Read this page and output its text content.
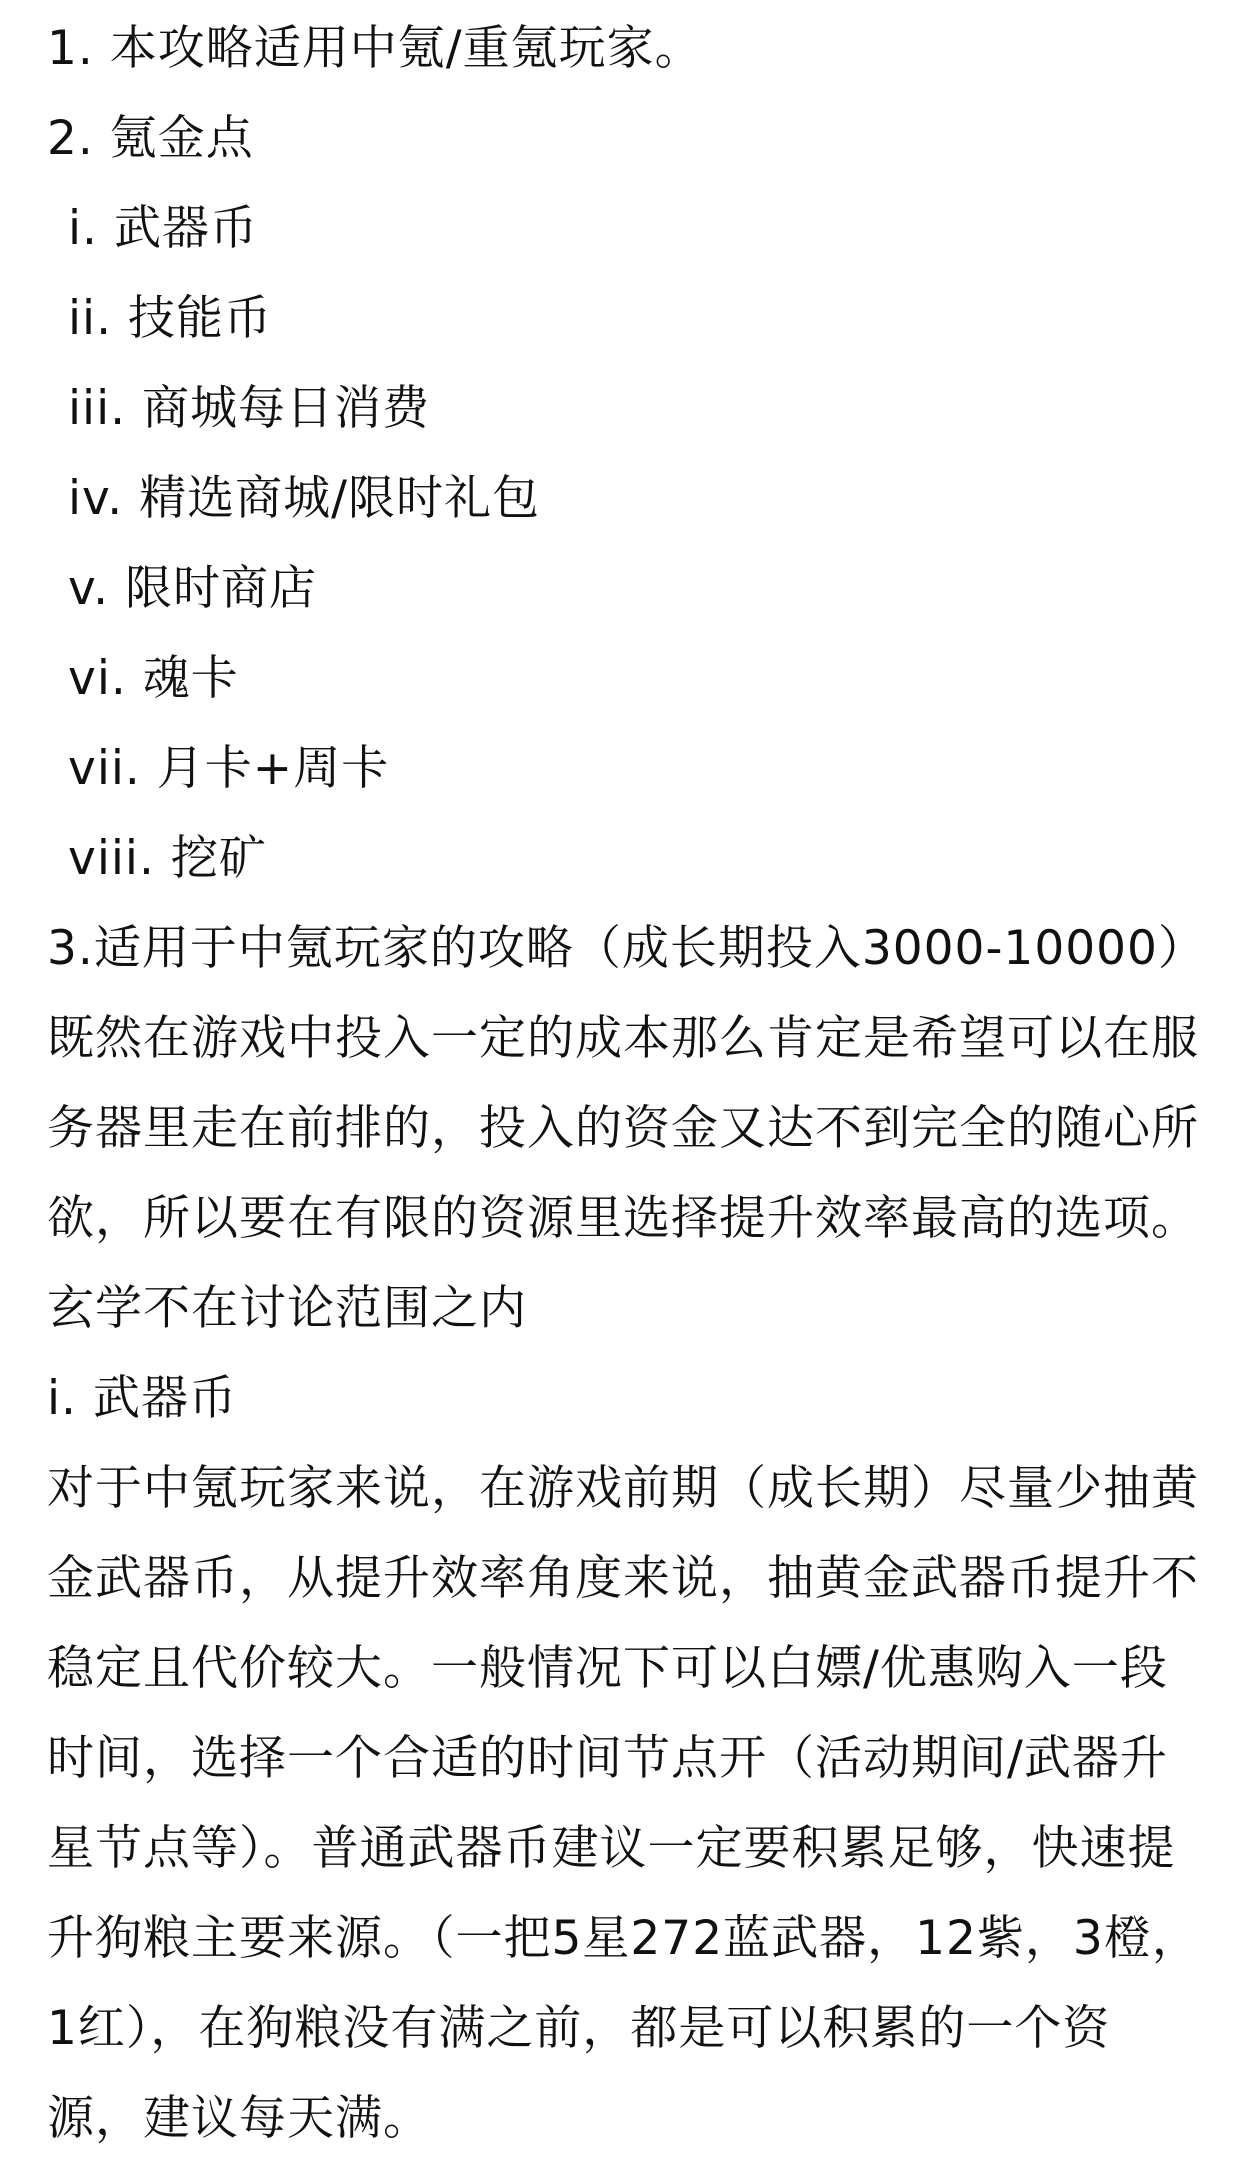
1. 本攻略适用中氪/重氪玩家。
2. 氪金点
i. 武器币
ii. 技能币
iii. 商城每日消费
iv. 精选商城/限时礼包
v. 限时商店
vi. 魂卡
vii. 月卡+周卡
viii. 挖矿
3.适用于中氪玩家的攻略（成长期投入3000-10000）
既然在游戏中投入一定的成本那么肯定是希望可以在服
务器里走在前排的，投入的资金又达不到完全的随心所
欲，所以要在有限的资源里选择提升效率最高的选项。
玄学不在讨论范围之内
i. 武器币
对于中氪玩家来说，在游戏前期（成长期）尽量少抽黄
金武器币，从提升效率角度来说，抽黄金武器币提升不
稳定且代价较大。一般情况下可以白嫖/优惠购入一段
时间，选择一个合适的时间节点开（活动期间/武器升
星节点等）。普通武器币建议一定要积累足够，快速提
升狗粮主要来源。（一把5星272蓝武器，12紫，3橙，
1红），在狗粮没有满之前，都是可以积累的一个资
源，建议每天满。
